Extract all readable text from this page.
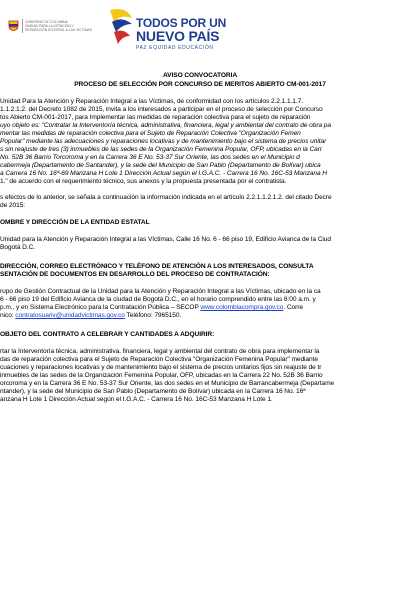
GOBIERNO DE COLOMBIA
UNIDAD PARA LA ATENCIÓN Y
REPARACIÓN INTEGRAL A LAS VÍCTIMAS
TODOS POR UN
NUEVO PAÍS
PAZ EQUIDAD EDUCACIÓN
AVISO CONVOCATORIA
PROCESO DE SELECCIÓN POR CONCURSO DE MERITOS ABIERTO CM-001-2017
Unidad Para la Atención y Reparación Integral a las Víctimas, de conformidad con los artículos 2.2.1.1.1.7.
1.1.2.1.2. del Decreto 1082 de 2015, invita a los interesados a participar en el proceso de selección por Concurso
tos Abierto CM-001-2017, para Implementar las medidas de reparación colectiva para el sujeto de reparación
uyo objeto es: "Contratar la Interventoría técnica, administrativa, financiera, legal y ambiental del contrato de obra pa
mentar las medidas de reparación colectiva para el Sujeto de Reparación Colectiva "Organización Femen
Popular" mediante las adecuaciones y reparaciones locativas y de mantenimiento bajo el sistema de precios unitar
s sin reajuste de tres (3) inmuebles de las sedes de la Organización Femenina Popular, OFP, ubicadas en la Carr
No. 52B 36 Barrio Torcoroma y en la Carrera 36 E No. 53-37 Sur Oriente, las dos sedes en el Municipio d
cabermeja (Departamento de Santander), y la sede del Municipio de San Pablo (Departamento de Bolívar) ubica
a Carrera 16 No. 16ª-69 Manzana H Lote 1 Dirección Actual según el I.G.A.C. - Carrera 16 No. 16C-53 Manzana H
1." de acuerdo con el requerimiento técnico, sus anexos y la propuesta presentada por el contratista.
s efectos de lo anterior, se señala a continuación la información indicada en el artículo 2.2.1.1.2.1.2. del citado Decre
de 2015:
OMBRE Y DIRECCIÓN DE LA ENTIDAD ESTATAL
Unidad para la Atención y Reparación Integral a las Víctimas, Calle 16 No. 6 - 66 piso 19, Edificio Avianca de la Ciud
Bogotá D.C.
DIRECCIÓN, CORREO ELECTRÓNICO Y TELÉFONO DE ATENCIÓN A LOS INTERESADOS, CONSULTA
SENTACIÓN DE DOCUMENTOS EN DESARROLLO DEL PROCESO DE CONTRATACIÓN:
rupo de Gestión Contractual de la Unidad para la Atención y Reparación Integral a las Víctimas, ubicado en la ca
6 - 66 piso 19 del Edificio Avianca de la ciudad de Bogotá D.C., en el horario comprendido entre las 8:00 a.m. y
p.m., y en Sistema Electrónico para la Contratación Pública – SECOP www.colombiacompra.gov.co. Corre
nico: contratosuariv@unidadvictimas.gov.co Teléfono: 7965150.
OBJETO DEL CONTRATO A CELEBRAR Y CANTIDADES A ADQUIRIR:
rtar la Interventoría técnica, administrativa, financiera, legal y ambiental del contrato de obra para implementar la
das de reparación colectiva para el Sujeto de Reparación Colectiva "Organización Femenina Popular" mediante
cuaciones y reparaciones locativas y de mantenimiento bajo el sistema de precios unitarios fijos sin reajuste de tr
inmuebles de las sedes de la Organización Femenina Popular, OFP, ubicadas en la Carrera 22 No. 52B 36 Barrio
orcoroma y en la Carrera 36 E No. 53-37 Sur Oriente, las dos sedes en el Municipio de Barrancabermeja (Departame
ntander), y la sede del Municipio de San Pablo (Departamento de Bolívar) ubicada en la Carrera 16 No. 16ª
anzana H Lote 1 Dirección Actual según el I.G.A.C. - Carrera 16 No. 16C-53 Manzana H Lote 1.
